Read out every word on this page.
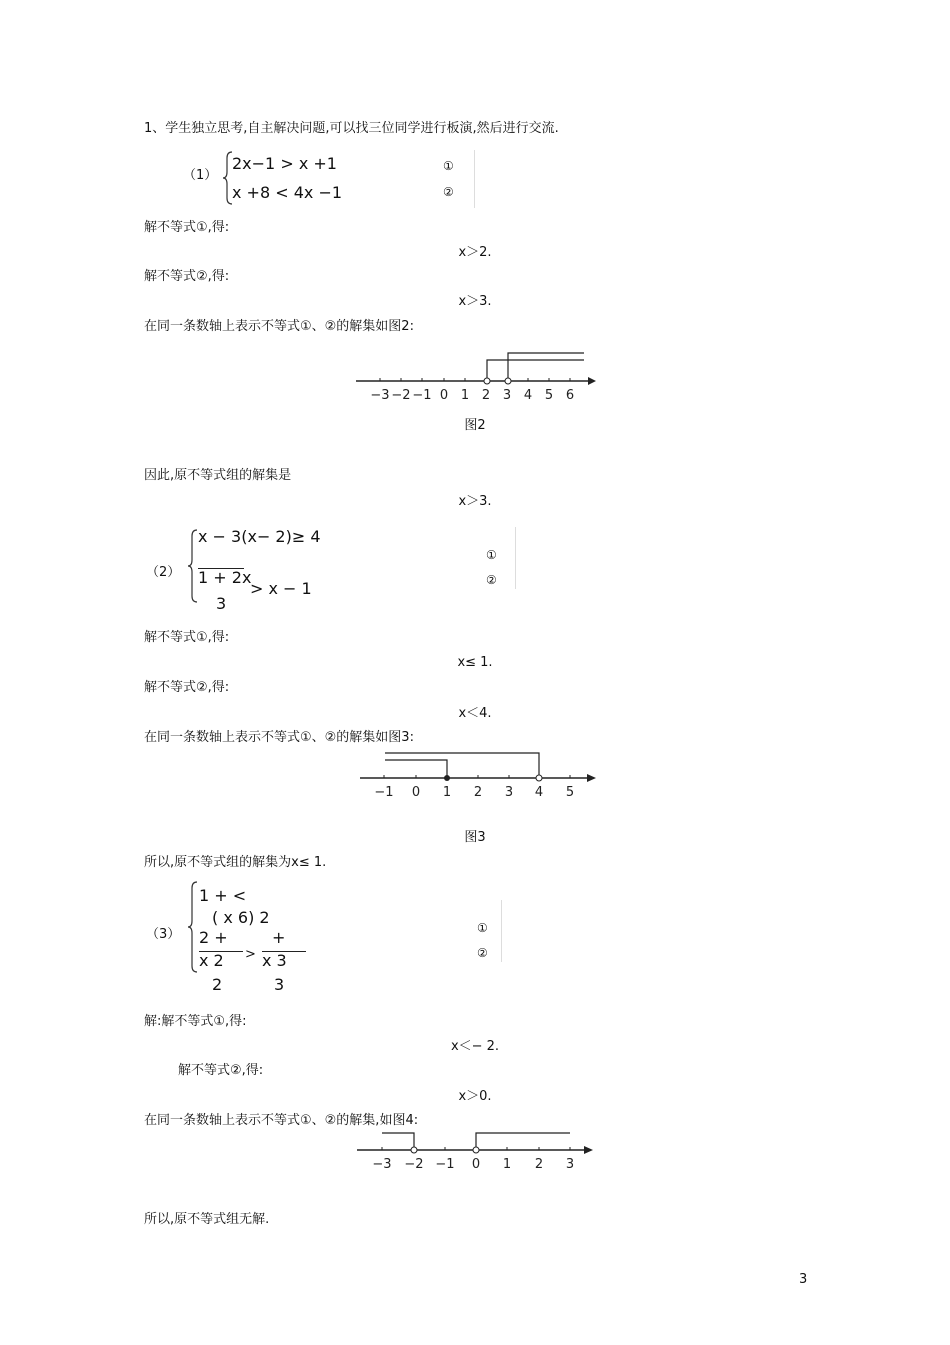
1、学生独立思考,自主解决问题,可以找三位同学进行板演,然后进行交流.
（1）
2x−1 > x +1
x +8 < 4x −1
①
②
解不等式①,得:
x＞2.
解不等式②,得:
x＞3.
在同一条数轴上表示不等式①、②的解集如图2:
−3 −2 −1 0 1 2 3 4 5 6
图2
因此,原不等式组的解集是
x＞3.
（2）
x − 3(x− 2)≥ 4
1 + 2x
> x − 1
3
①
②
解不等式①,得:
x≤ 1.
解不等式②,得:
x＜4.
在同一条数轴上表示不等式①、②的解集如图3:
−1 0 1 2 3 4 5
图3
所以,原不等式组的解集为x≤ 1.
（3）
1 + <
( x 6) 2
2 +	+
x 2	> x 3
2	3
①
②
解:解不等式①,得:
x＜− 2.
解不等式②,得:
x＞0.
在同一条数轴上表示不等式①、②的解集,如图4:
−3 −2 −1 0 1 2 3
所以,原不等式组无解.
3
